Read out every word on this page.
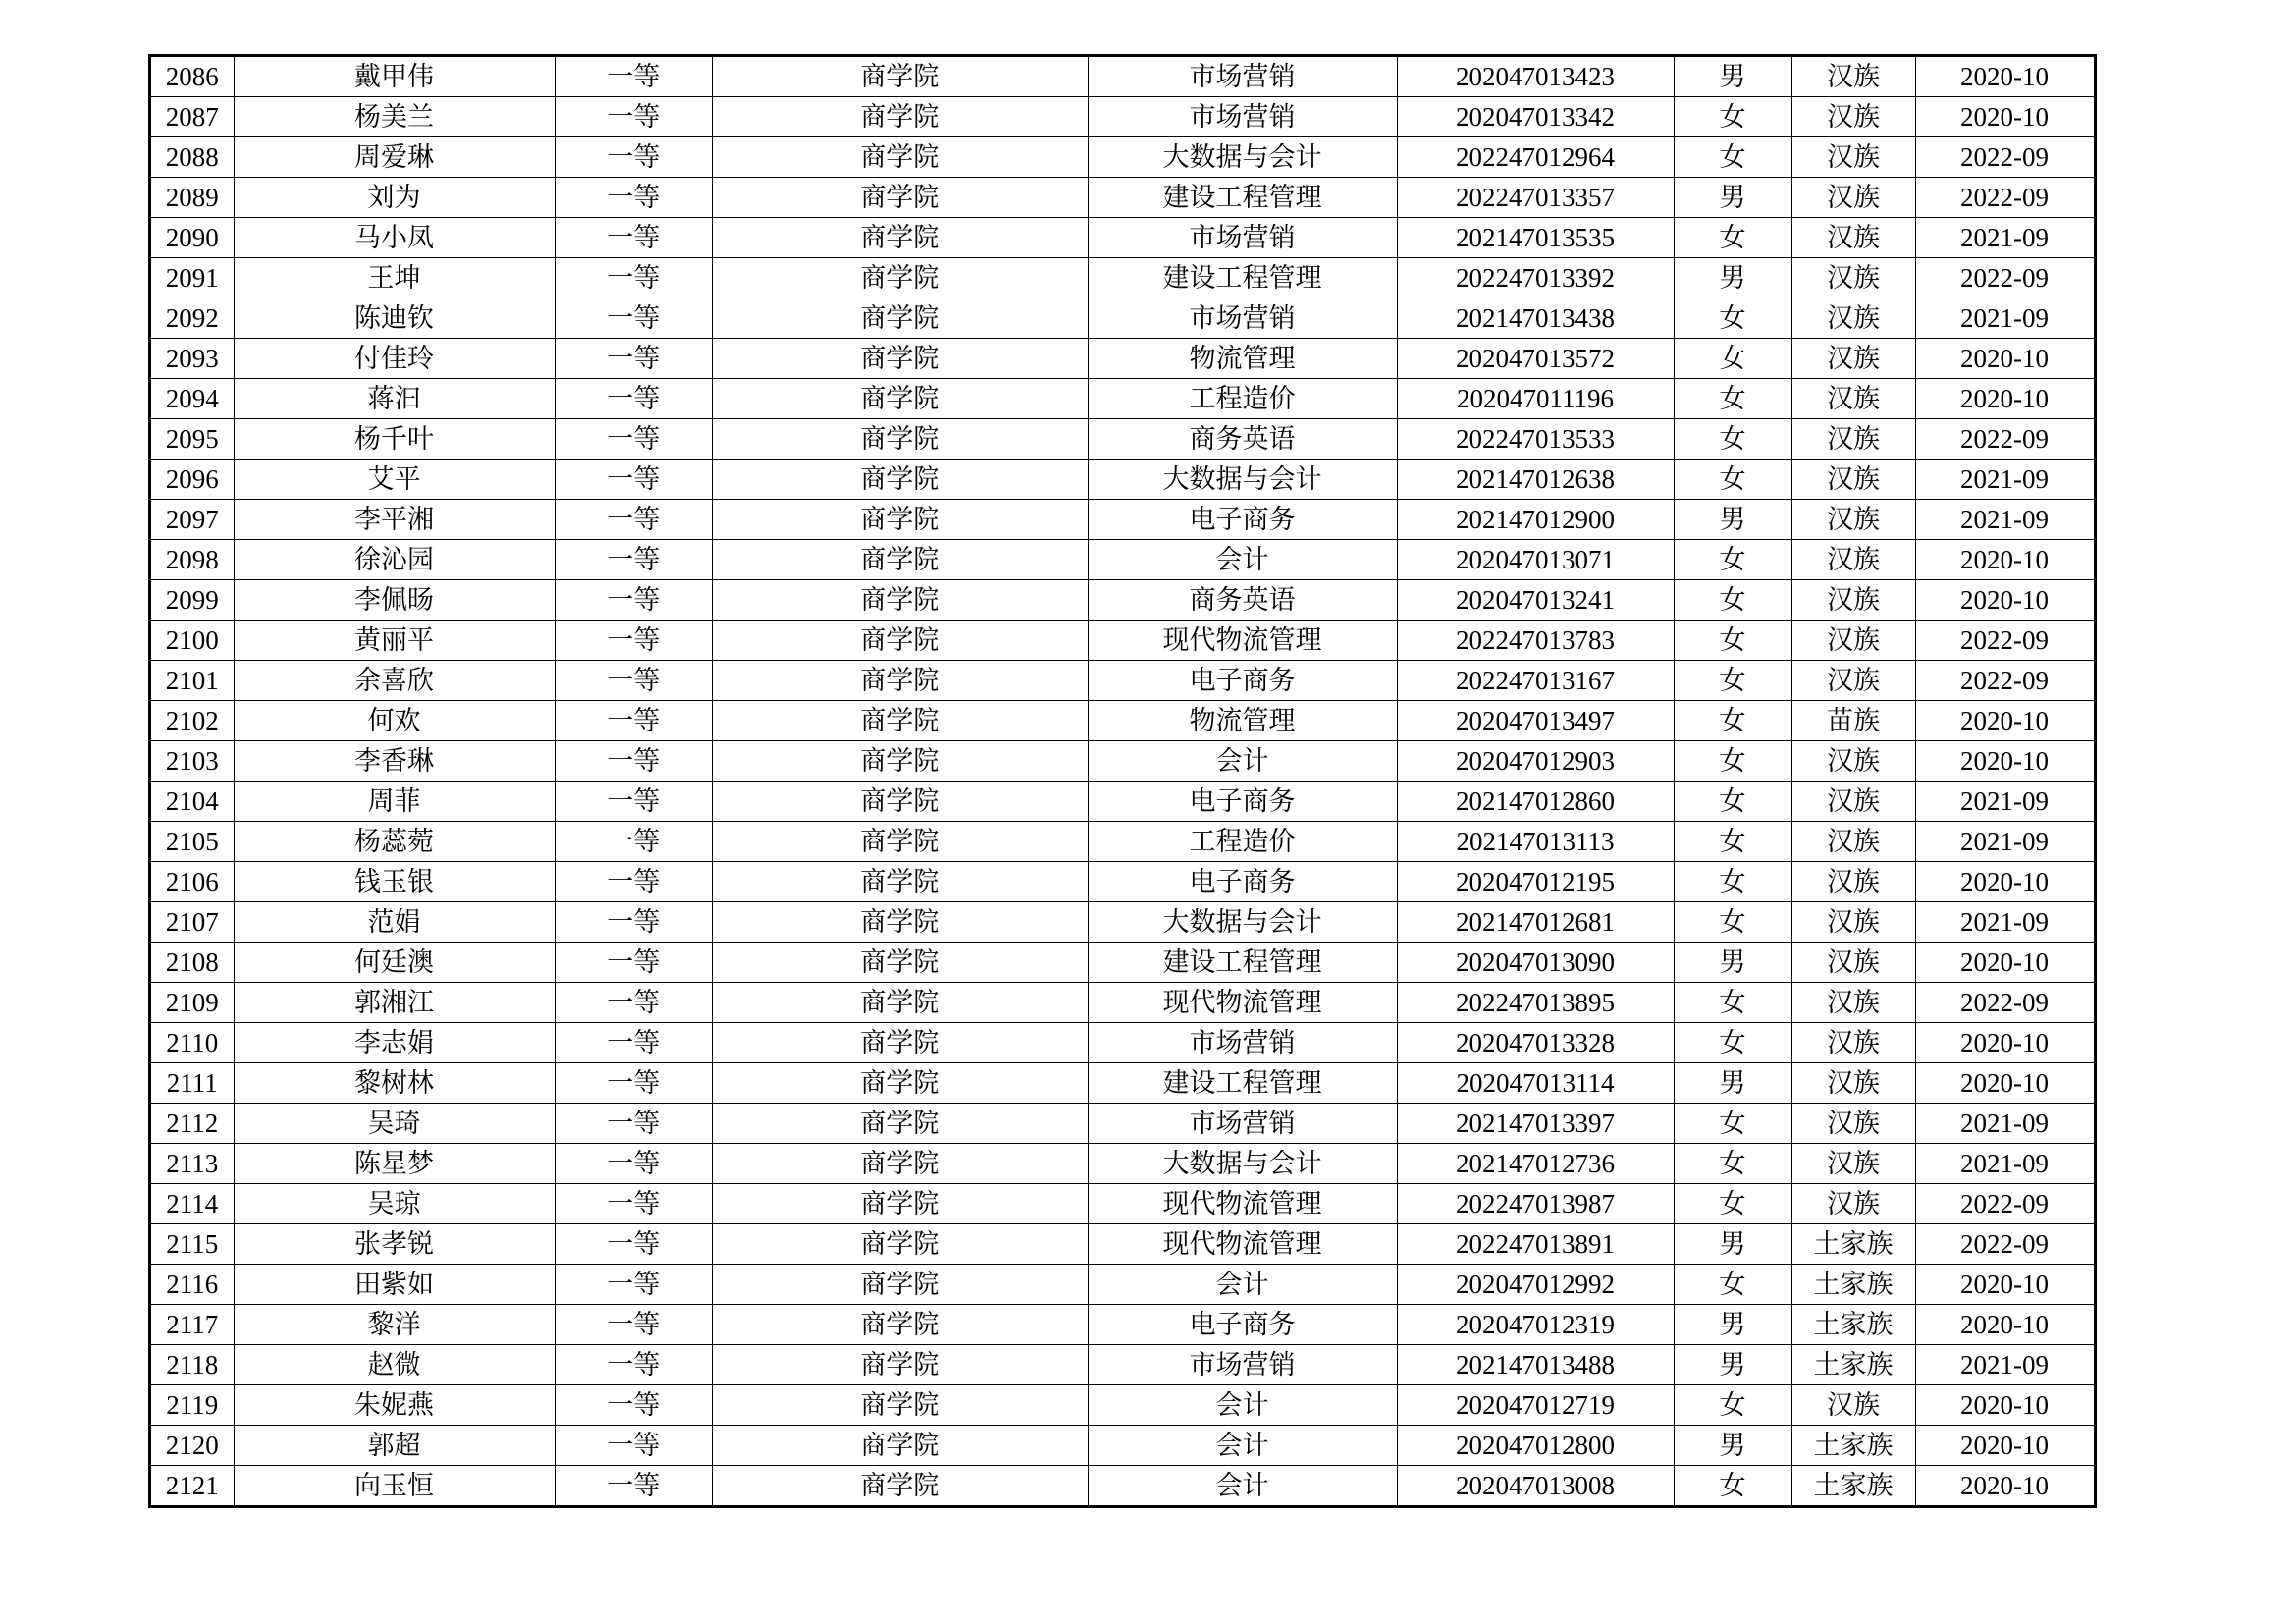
2086	戴甲伟	一等	商学院	市场营销	202047013423	男	汉族	2020-10
2087	杨美兰	一等	商学院	市场营销	202047013342	女	汉族	2020-10
2088	周爱琳	一等	商学院	大数据与会计	202247012964	女	汉族	2022-09
2089	刘为	一等	商学院	建设工程管理	202247013357	男	汉族	2022-09
2090	马小凤	一等	商学院	市场营销	202147013535	女	汉族	2021-09
2091	王坤	一等	商学院	建设工程管理	202247013392	男	汉族	2022-09
2092	陈迪钦	一等	商学院	市场营销	202147013438	女	汉族	2021-09
2093	付佳玲	一等	商学院	物流管理	202047013572	女	汉族	2020-10
2094	蒋汩	一等	商学院	工程造价	202047011196	女	汉族	2020-10
2095	杨千叶	一等	商学院	商务英语	202247013533	女	汉族	2022-09
2096	艾平	一等	商学院	大数据与会计	202147012638	女	汉族	2021-09
2097	李平湘	一等	商学院	电子商务	202147012900	男	汉族	2021-09
2098	徐沁园	一等	商学院	会计	202047013071	女	汉族	2020-10
2099	李佩旸	一等	商学院	商务英语	202047013241	女	汉族	2020-10
2100	黄丽平	一等	商学院	现代物流管理	202247013783	女	汉族	2022-09
2101	余喜欣	一等	商学院	电子商务	202247013167	女	汉族	2022-09
2102	何欢	一等	商学院	物流管理	202047013497	女	苗族	2020-10
2103	李香琳	一等	商学院	会计	202047012903	女	汉族	2020-10
2104	周菲	一等	商学院	电子商务	202147012860	女	汉族	2021-09
2105	杨蕊菀	一等	商学院	工程造价	202147013113	女	汉族	2021-09
2106	钱玉银	一等	商学院	电子商务	202047012195	女	汉族	2020-10
2107	范娟	一等	商学院	大数据与会计	202147012681	女	汉族	2021-09
2108	何廷澳	一等	商学院	建设工程管理	202047013090	男	汉族	2020-10
2109	郭湘江	一等	商学院	现代物流管理	202247013895	女	汉族	2022-09
2110	李志娟	一等	商学院	市场营销	202047013328	女	汉族	2020-10
2111	黎树林	一等	商学院	建设工程管理	202047013114	男	汉族	2020-10
2112	吴琦	一等	商学院	市场营销	202147013397	女	汉族	2021-09
2113	陈星梦	一等	商学院	大数据与会计	202147012736	女	汉族	2021-09
2114	吴琼	一等	商学院	现代物流管理	202247013987	女	汉族	2022-09
2115	张孝锐	一等	商学院	现代物流管理	202247013891	男	土家族	2022-09
2116	田紫如	一等	商学院	会计	202047012992	女	土家族	2020-10
2117	黎洋	一等	商学院	电子商务	202047012319	男	土家族	2020-10
2118	赵微	一等	商学院	市场营销	202147013488	男	土家族	2021-09
2119	朱妮燕	一等	商学院	会计	202047012719	女	汉族	2020-10
2120	郭超	一等	商学院	会计	202047012800	男	土家族	2020-10
2121	向玉恒	一等	商学院	会计	202047013008	女	土家族	2020-10
